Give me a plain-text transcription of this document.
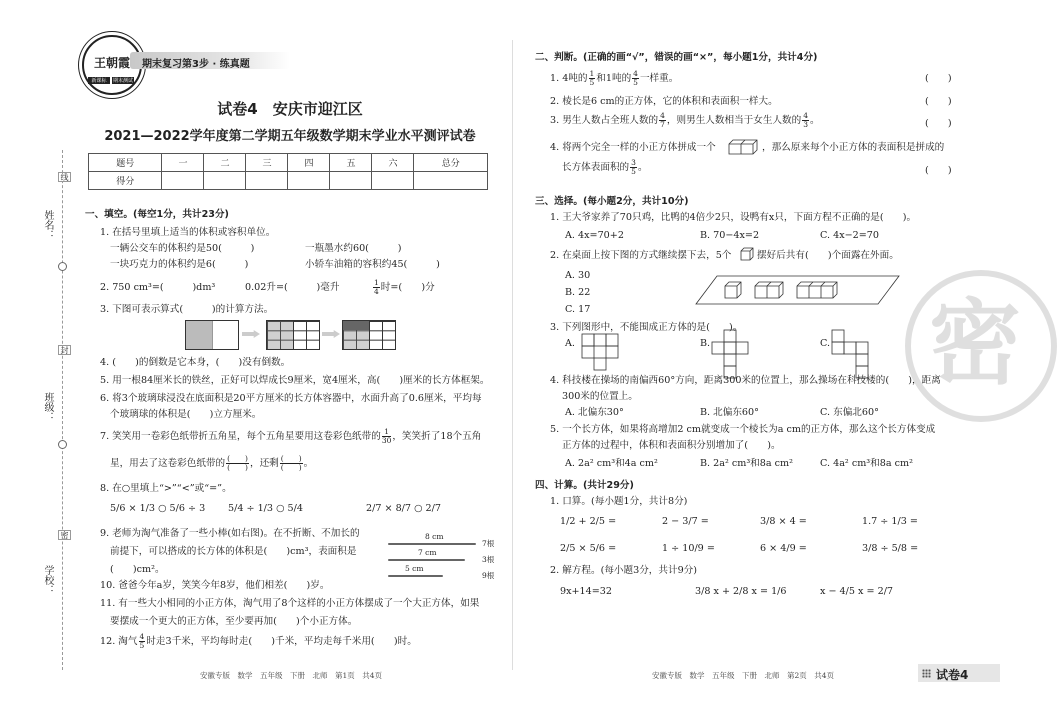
姓名：
班级：
学校：
线
封
密
王朝霞
新课标	期末测试
期末复习第3步 · 练真题
试卷4　 安庆市迎江区
2021—2022学年度第二学期五年级数学期末学业水平测评试卷
题号	一	二	三	四	五	六	总分
得分							
一、填空。(每空1分，共计23分)
1. 在括号里填上适当的体积或容积单位。
一辆公交车的体积约是50(　　　)	一瓶墨水约60(　　　)
一块巧克力的体积约是6(　　　)	小轿车油箱的容积约45(　　　)
2. 750 cm³=(　　　)dm³	0.02升=(　　　)毫升	$\frac{1}{4}$ 时=(　　)分
3. 下图可表示算式(　　　)的计算方法。
4. (　　)的倒数是它本身，(　　)没有倒数。
5. 用一根84厘米长的铁丝，正好可以焊成长9厘米，宽4厘米，高(　　)厘米的长方体框架。
6. 将3个玻璃球浸没在底面积是20平方厘米的长方体容器中，水面升高了0.6厘米，平均每
个玻璃球的体积是(　　)立方厘米。
7. 笑笑用一卷彩色纸带折五角星，每个五角星要用这卷彩色纸带的 $\frac{1}{30}$ ，笑笑折了18个五角
星，用去了这卷彩色纸带的 (　　)
(　　) ，还剩 (　　)
(　　) 。
8. 在○里填上“>”“<”或“=”。
5/6 × 1/3 ○ 5/6 ÷ 3 5/4 ÷ 1/3 ○ 5/4	2/7 × 8/7 ○ 2/7
9. 老师为淘气准备了一些小棒(如右图)。在不折断、不加长的
前提下，可以搭成的长方体的体积是(　　)cm³，表面积是
(　　)cm²。
8 cm
7根
7 cm
3根
5 cm
9根
10. 爸爸今年a岁，笑笑今年8岁，他们相差(　　)岁。
11. 有一些大小相同的小正方体，淘气用了8个这样的小正方体摆成了一个大正方体，如果
要摆成一个更大的正方体，至少要再加(　　)个小正方体。
12. 淘气 $\frac{4}{5}$ 时走3千米，平均每时走(　　)千米，平均走每千米用(　　)时。
二、判断。(正确的画“√”，错误的画“×”，每小题1分，共计4分)
1. 4吨的 $\frac{1}{5}$ 和1吨的 $\frac{4}{5}$ 一样重。	(　　)
2. 棱长是6 cm的正方体，它的体积和表面积一样大。	(　　)
3. 男生人数占全班人数的 $\frac{4}{7}$ ，则男生人数相当于女生人数的 $\frac{4}{3}$ 。	(　　)
4. 将两个完全一样的小正方体拼成一个	，那么原来每个小正方体的表面积是拼成的
长方体表面积的 $\frac{3}{5}$ 。	(　　)
三、选择。(每小题2分，共计10分)
1. 王大爷家养了70只鸡，比鸭的4倍少2只，设鸭有x只，下面方程不正确的是(　　)。
A. 4x=70+2	B. 70−4x=2	C. 4x−2=70
2. 在桌面上按下图的方式继续摆下去，5个	摆好后共有(　　)个面露在外面。
A. 30
B. 22
C. 17
3. 下列图形中，不能围成正方体的是(　　)。
A.	B.	C.
4. 科技楼在操场的南偏西60°方向，距离300米的位置上，那么操场在科技楼的(　　)，距离
300米的位置上。
A. 北偏东30°	B. 北偏东60°	C. 东偏北60°
5. 一个长方体，如果将高增加2 cm就变成一个棱长为a cm的正方体，那么这个长方体变成
正方体的过程中，体积和表面积分别增加了(　　)。
A. 2a² cm³和4a cm²	B. 2a² cm³和8a cm²	C. 4a² cm³和8a cm²
四、计算。(共计29分)
1. 口算。(每小题1分，共计8分)
1/2 + 2/5 =	2 − 3/7 =	3/8 × 4 =	1.7 ÷ 1/3 =
2/5 × 5/6 =	1 ÷ 10/9 =	6 × 4/9 =	3/8 ÷ 5/8 =
2. 解方程。(每小题3分，共计9分)
9x+14=32	3/8 x + 2/8 x = 1/6	x − 4/5 x = 2/7
密
安徽专版　数学　五年级　下册　北师　第1页　共4页	安徽专版　数学　五年级　下册　北师　第2页　共4页	试卷4
